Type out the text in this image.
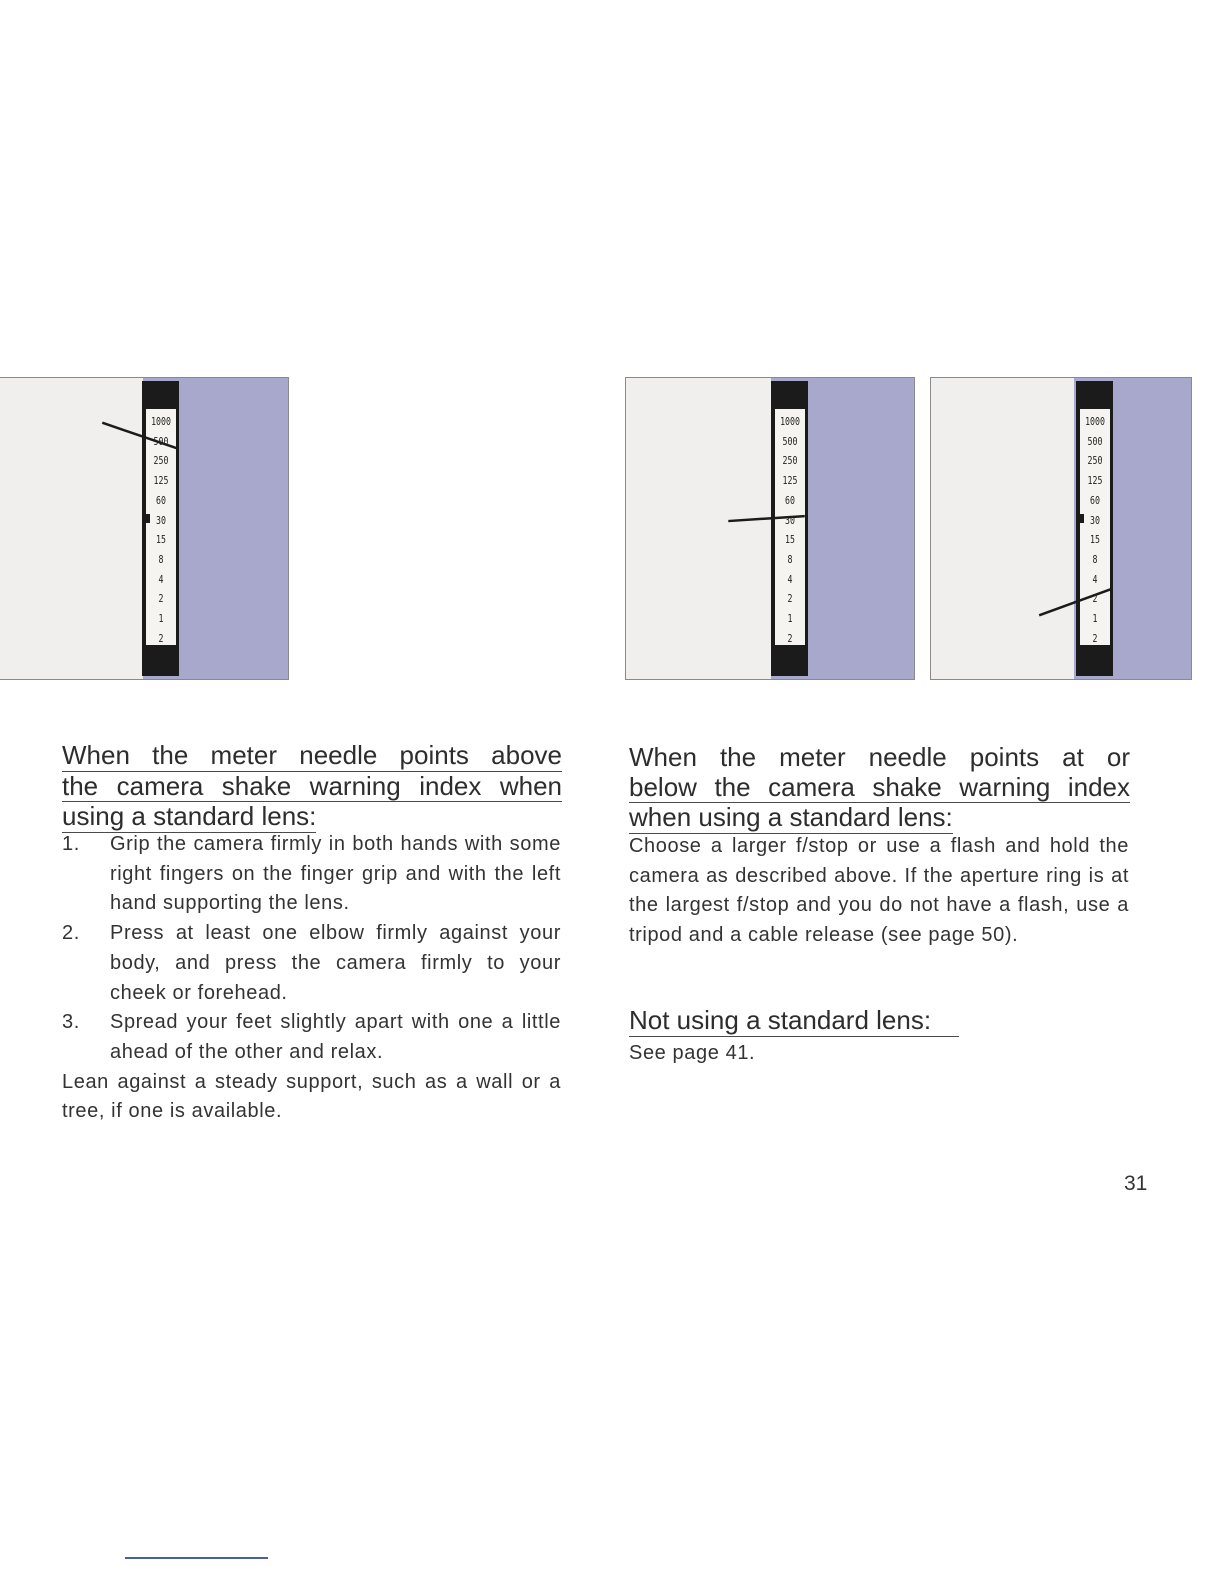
1000
500
250
125
60
30
15
8
4
2
1
2
1000
500
250
125
60
30
15
8
4
2
1
2
1000
500
250
125
60
30
15
8
4
2
1
2
When the meter needle points above
the camera shake warning index when
using a standard lens:
1.	Grip the camera firmly in both hands with some right fingers on the finger grip and with the left hand supporting the lens.
2.	Press at least one elbow firmly against your body, and press the camera firmly to your cheek or forehead.
3.	Spread your feet slightly apart with one a little ahead of the other and relax.
Lean against a steady support, such as a wall or a tree, if one is available.
When the meter needle points at or
below the camera shake warning index
when using a standard lens:
Choose a larger f/stop or use a flash and hold the camera as described above. If the aperture ring is at the largest f/stop and you do not have a flash, use a tripod and a cable release (see page 50).
Not using a standard lens:
See page 41.
31
